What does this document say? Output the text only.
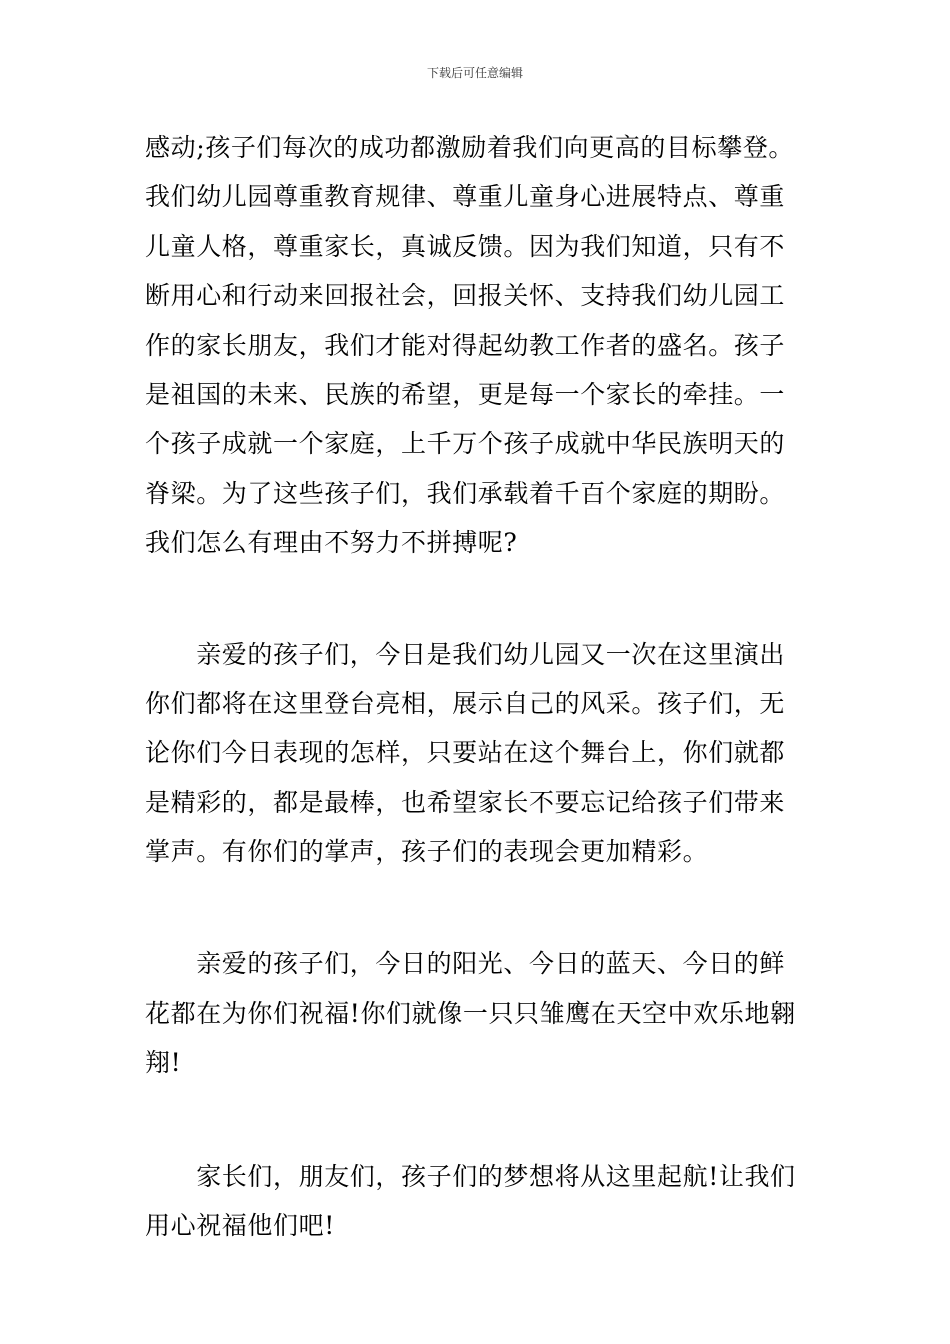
下载后可任意编辑
感动;孩子们每次的成功都激励着我们向更高的目标攀登。
我们幼儿园尊重教育规律、尊重儿童身心进展特点、尊重
儿童人格，尊重家长，真诚反馈。因为我们知道，只有不
断用心和行动来回报社会，回报关怀、支持我们幼儿园工
作的家长朋友，我们才能对得起幼教工作者的盛名。孩子
是祖国的未来、民族的希望，更是每一个家长的牵挂。一
个孩子成就一个家庭，上千万个孩子成就中华民族明天的
脊梁。为了这些孩子们，我们承载着千百个家庭的期盼。
我们怎么有理由不努力不拼搏呢?
　　亲爱的孩子们，今日是我们幼儿园又一次在这里演出
你们都将在这里登台亮相，展示自己的风采。孩子们，无
论你们今日表现的怎样，只要站在这个舞台上，你们就都
是精彩的，都是最棒，也希望家长不要忘记给孩子们带来
掌声。有你们的掌声，孩子们的表现会更加精彩。
　　亲爱的孩子们，今日的阳光、今日的蓝天、今日的鲜
花都在为你们祝福!你们就像一只只雏鹰在天空中欢乐地翱
翔!
　　家长们，朋友们，孩子们的梦想将从这里起航!让我们
用心祝福他们吧!
